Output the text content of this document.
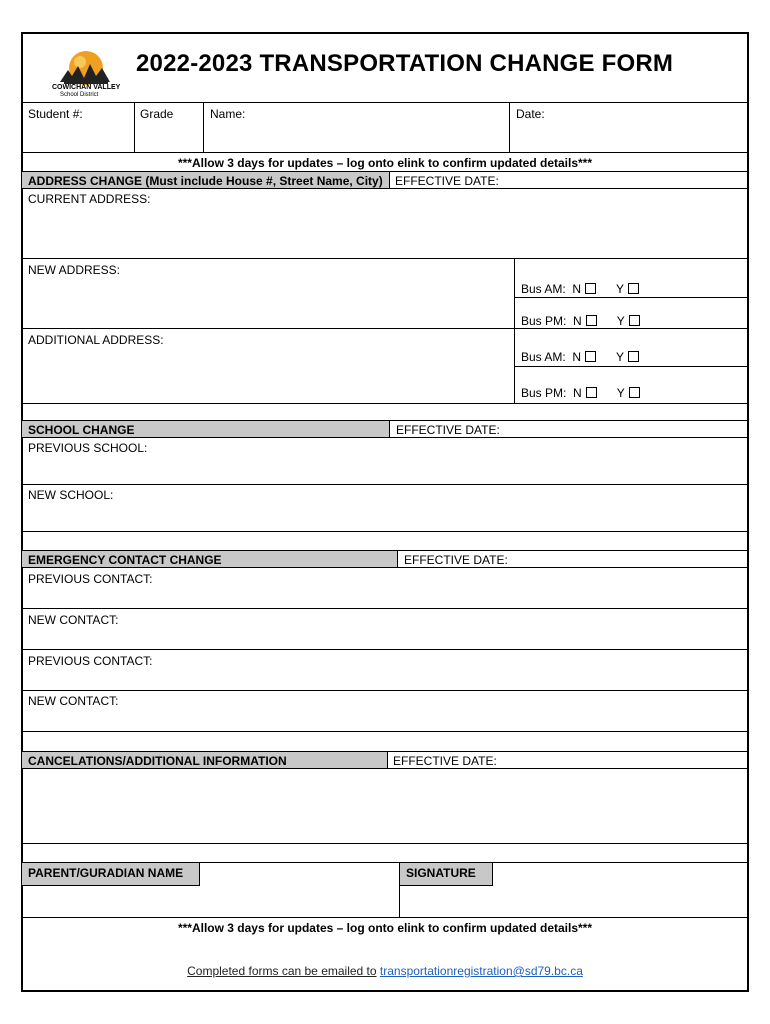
COWICHAN VALLEY
School District
2022-2023 TRANSPORTATION CHANGE FORM
Student #:	Grade	Name:	Date:
***Allow 3 days for updates – log onto elink to confirm updated details***
ADDRESS CHANGE (Must include House #, Street Name, City) EFFECTIVE DATE:
CURRENT ADDRESS:
NEW ADDRESS:
Bus AM: N	Y
Bus PM: N	Y
ADDITIONAL ADDRESS:
Bus AM: N	Y
Bus PM: N	Y
SCHOOL CHANGE	EFFECTIVE DATE:
PREVIOUS SCHOOL:
NEW SCHOOL:
EMERGENCY CONTACT CHANGE	EFFECTIVE DATE:
PREVIOUS CONTACT:
NEW CONTACT:
PREVIOUS CONTACT:
NEW CONTACT:
CANCELATIONS/ADDITIONAL INFORMATION	EFFECTIVE DATE:
PARENT/GURADIAN NAME	SIGNATURE
***Allow 3 days for updates – log onto elink to confirm updated details***
Completed forms can be emailed to transportationregistration@sd79.bc.ca
